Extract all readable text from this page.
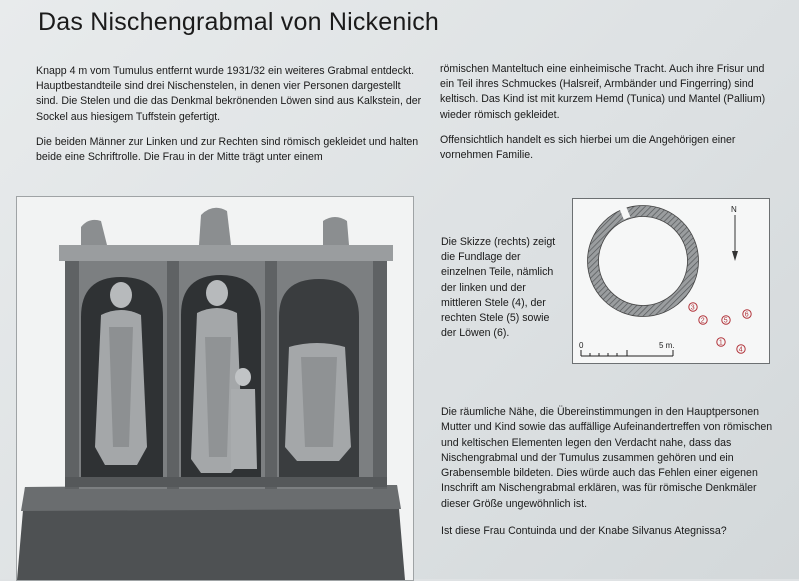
Das Nischengrabmal von Nickenich

Knapp 4 m vom Tumulus entfernt wurde 1931/32 ein weiteres Grabmal entdeckt. Hauptbestandteile sind drei Nischenstelen, in denen vier Personen dargestellt sind. Die Stelen und die das Denkmal bekrönenden Löwen sind aus Kalkstein, der Sockel aus hiesigem Tuffstein gefertigt.

Die beiden Männer zur Linken und zur Rechten sind römisch gekleidet und halten beide eine Schriftrolle. Die Frau in der Mitte trägt unter einem

römischen Manteltuch eine einheimische Tracht. Auch ihre Frisur und ein Teil ihres Schmuckes (Halsreif, Armbänder und Fingerring) sind keltisch. Das Kind ist mit kurzem Hemd (Tunica) und Mantel (Pallium) wieder römisch gekleidet.

Offensichtlich handelt es sich hierbei um die Angehörigen einer vornehmen Familie.

Die Skizze (rechts) zeigt die Fundlage der einzelnen Teile, nämlich der linken und der mittleren Stele (4), der rechten Stele (5) sowie der Löwen (6).
N
3
2	5
6
1
4
0	5 m.

Die räumliche Nähe, die Übereinstimmungen in den Hauptpersonen Mutter und Kind sowie das auffällige Aufeinandertreffen von römischen und keltischen Elementen legen den Verdacht nahe, dass das Nischengrabmal und der Tumulus zusammen gehören und ein Grabensemble bildeten. Dies würde auch das Fehlen einer eigenen Inschrift am Nischengrabmal erklären, was für römische Denkmäler dieser Größe ungewöhnlich ist.

Ist diese Frau Contuinda und der Knabe Silvanus Ategnissa?
